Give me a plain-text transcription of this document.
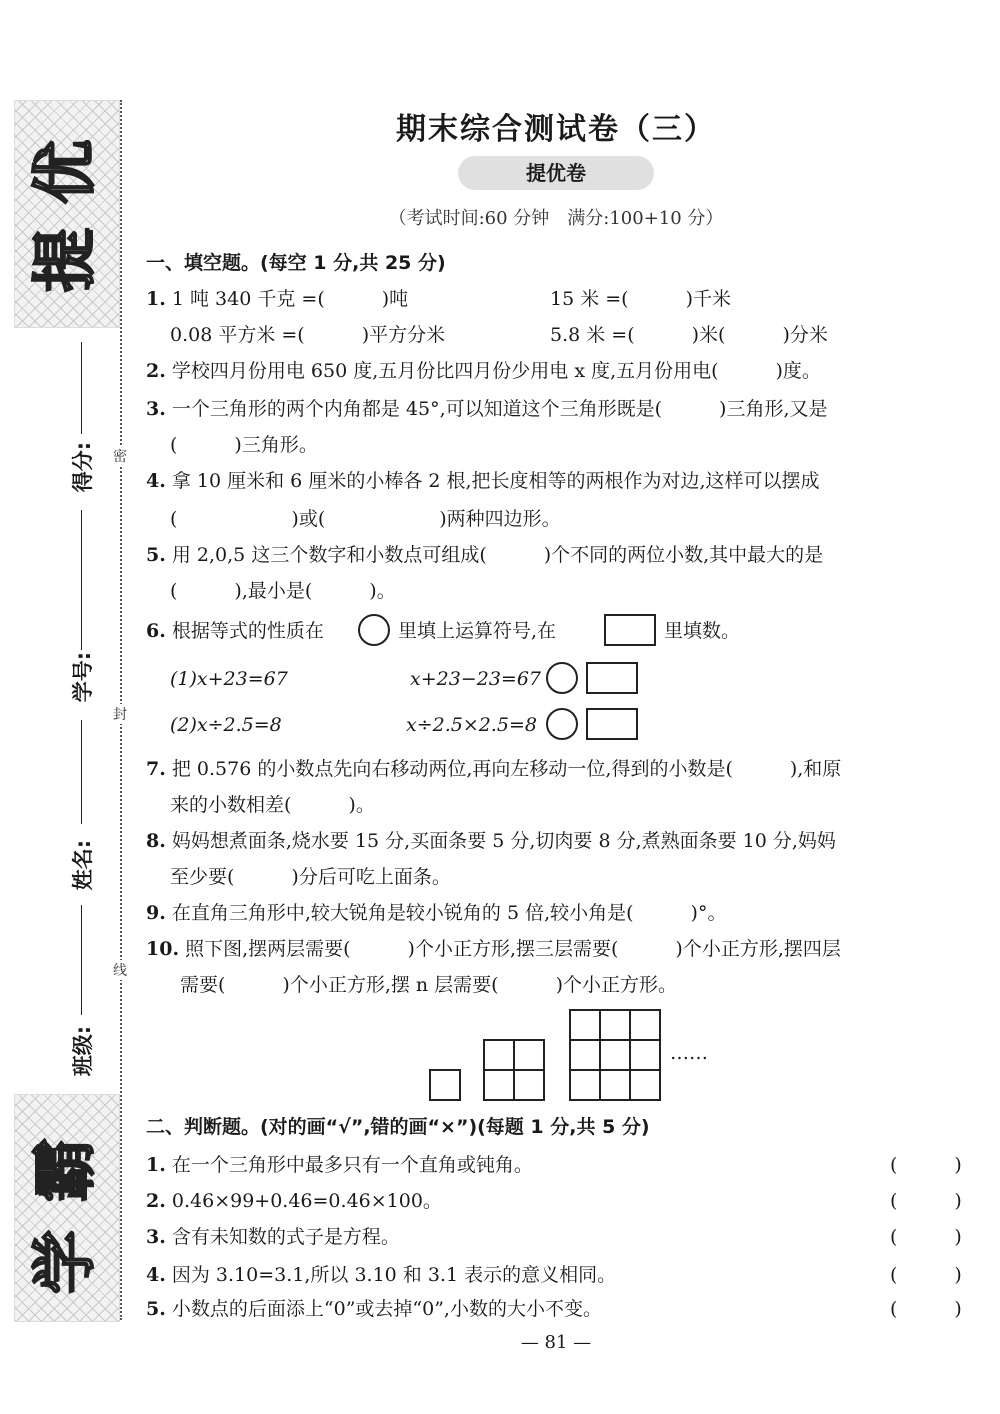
优
提
霸
学
得分:
学号:
姓名:
班级:
密
封
线
期末综合测试卷（三）
提优卷
（考试时间:60 分钟　满分:100+10 分）
一、填空题。(每空 1 分,共 25 分)
1. 1 吨 340 千克 =(　　　)吨	15 米 =(　　　)千米
0.08 平方米 =(　　　)平方分米	5.8 米 =(　　　)米(　　　)分米
2. 学校四月份用电 650 度,五月份比四月份少用电 x 度,五月份用电(　　　)度。
3. 一个三角形的两个内角都是 45°,可以知道这个三角形既是(　　　)三角形,又是
(　　　)三角形。
4. 拿 10 厘米和 6 厘米的小棒各 2 根,把长度相等的两根作为对边,这样可以摆成
(　　　　　　)或(　　　　　　)两种四边形。
5. 用 2,0,5 这三个数字和小数点可组成(　　　)个不同的两位小数,其中最大的是
(　　　),最小是(　　　)。
6. 根据等式的性质在	里填上运算符号,在	里填数。
(1)x+23=67	x+23−23=67
(2)x÷2.5=8	x÷2.5×2.5=8
7. 把 0.576 的小数点先向右移动两位,再向左移动一位,得到的小数是(　　　),和原
来的小数相差(　　　)。
8. 妈妈想煮面条,烧水要 15 分,买面条要 5 分,切肉要 8 分,煮熟面条要 10 分,妈妈
至少要(　　　)分后可吃上面条。
9. 在直角三角形中,较大锐角是较小锐角的 5 倍,较小角是(　　　)°。
10. 照下图,摆两层需要(　　　)个小正方形,摆三层需要(　　　)个小正方形,摆四层
需要(　　　)个小正方形,摆 n 层需要(　　　)个小正方形。
……
二、判断题。(对的画“√”,错的画“×”)(每题 1 分,共 5 分)
1. 在一个三角形中最多只有一个直角或钝角。	(　　　)
2. 0.46×99+0.46=0.46×100。	(　　　)
3. 含有未知数的式子是方程。	(　　　)
4. 因为 3.10=3.1,所以 3.10 和 3.1 表示的意义相同。	(　　　)
5. 小数点的后面添上“0”或去掉“0”,小数的大小不变。	(　　　)
— 81 —
